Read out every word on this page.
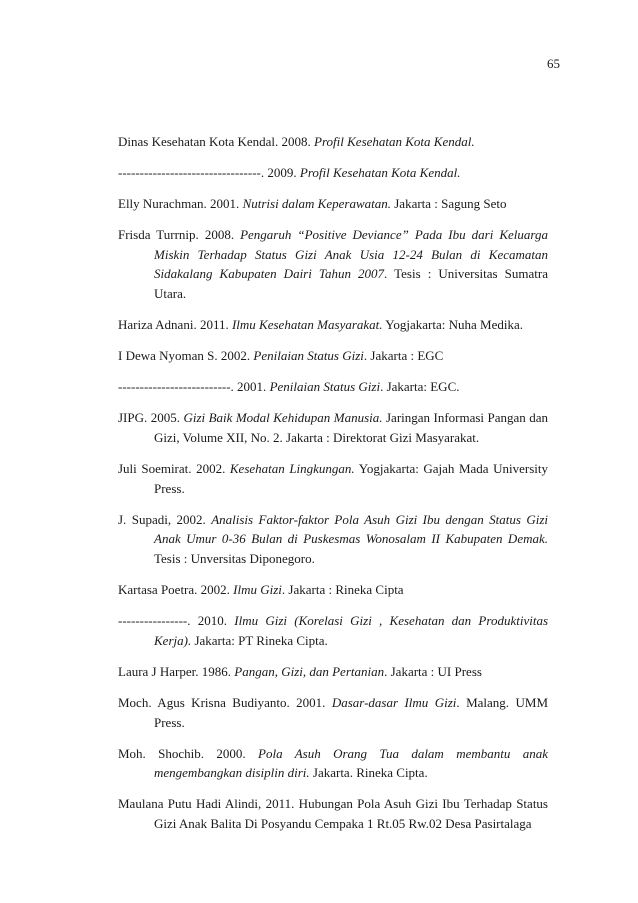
65

Dinas Kesehatan Kota Kendal. 2008. Profil Kesehatan Kota Kendal.

---------------------------------. 2009. Profil Kesehatan Kota Kendal.

Elly Nurachman. 2001. Nutrisi dalam Keperawatan. Jakarta : Sagung Seto

Frisda Turrnip. 2008. Pengaruh “Positive Deviance” Pada Ibu dari Keluarga Miskin Terhadap Status Gizi Anak Usia 12-24 Bulan di Kecamatan Sidakalang Kabupaten Dairi Tahun 2007. Tesis : Universitas Sumatra Utara.

Hariza Adnani. 2011. Ilmu Kesehatan Masyarakat. Yogjakarta: Nuha Medika.

I Dewa Nyoman S. 2002. Penilaian Status Gizi. Jakarta : EGC

--------------------------. 2001. Penilaian Status Gizi. Jakarta: EGC.

JIPG. 2005. Gizi Baik Modal Kehidupan Manusia. Jaringan Informasi Pangan dan Gizi, Volume XII, No. 2. Jakarta : Direktorat Gizi Masyarakat.

Juli Soemirat. 2002. Kesehatan Lingkungan. Yogjakarta: Gajah Mada University Press.

J. Supadi, 2002. Analisis Faktor-faktor Pola Asuh Gizi Ibu dengan Status Gizi Anak Umur 0-36 Bulan di Puskesmas Wonosalam II Kabupaten Demak. Tesis : Unversitas Diponegoro.

Kartasa Poetra. 2002. Ilmu Gizi. Jakarta : Rineka Cipta

----------------. 2010. Ilmu Gizi (Korelasi Gizi , Kesehatan dan Produktivitas Kerja). Jakarta: PT Rineka Cipta.

Laura J Harper. 1986. Pangan, Gizi, dan Pertanian. Jakarta : UI Press

Moch. Agus Krisna Budiyanto. 2001. Dasar-dasar Ilmu Gizi. Malang. UMM Press.

Moh. Shochib. 2000. Pola Asuh Orang Tua dalam membantu anak mengembangkan disiplin diri. Jakarta. Rineka Cipta.

Maulana Putu Hadi Alindi, 2011. Hubungan Pola Asuh Gizi Ibu Terhadap Status Gizi Anak Balita Di Posyandu Cempaka 1 Rt.05 Rw.02 Desa Pasirtalaga
